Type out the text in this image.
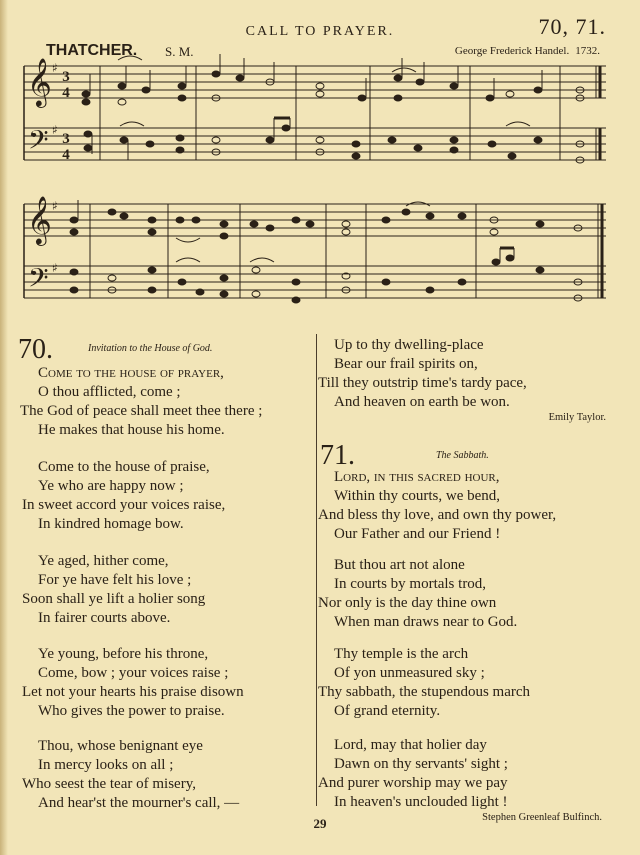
CALL TO PRAYER.	70, 71.
THATCHER. S. M.	George Frederick Handel. 1732.
𝄞
𝄢
𝄞
𝄢
♯
♯
♯
♯
3
4
3
4
70.	Invitation to the House of God.
Come to the house of prayer,
O thou afflicted, come ;
The God of peace shall meet thee there ;
He makes that house his home.
Come to the house of praise,
Ye who are happy now ;
In sweet accord your voices raise,
In kindred homage bow.
Ye aged, hither come,
For ye have felt his love ;
Soon shall ye lift a holier song
In fairer courts above.
Ye young, before his throne,
Come, bow ; your voices raise ;
Let not your hearts his praise disown
Who gives the power to praise.
Thou, whose benignant eye
In mercy looks on all ;
Who seest the tear of misery,
And hear'st the mourner's call, —
Up to thy dwelling-place
Bear our frail spirits on,
Till they outstrip time's tardy pace,
And heaven on earth be won.
Emily Taylor.
71.	The Sabbath.
Lord, in this sacred hour,
Within thy courts, we bend,
And bless thy love, and own thy power,
Our Father and our Friend !
But thou art not alone
In courts by mortals trod,
Nor only is the day thine own
When man draws near to God.
Thy temple is the arch
Of yon unmeasured sky ;
Thy sabbath, the stupendous march
Of grand eternity.
Lord, may that holier day
Dawn on thy servants' sight ;
And purer worship may we pay
In heaven's unclouded light !
Stephen Greenleaf Bulfinch.
29
